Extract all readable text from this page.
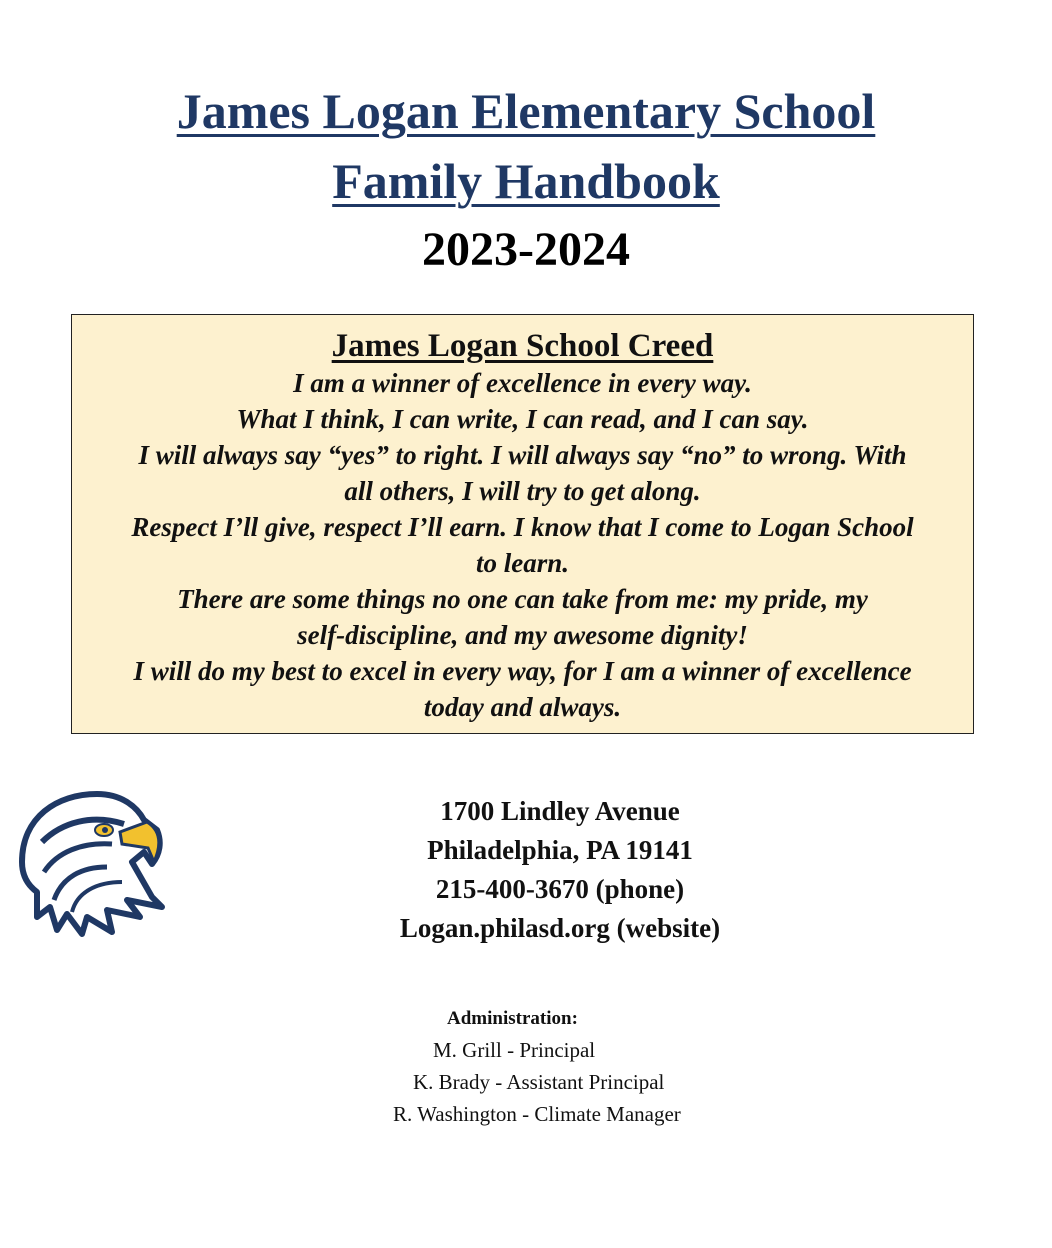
James Logan Elementary School
Family Handbook
2023-2024
James Logan School Creed

I am a winner of excellence in every way.

What I think, I can write, I can read, and I can say.

I will always say “yes” to right. I will always say “no” to wrong. With

all others, I will try to get along.

Respect I’ll give, respect I’ll earn. I know that I come to Logan School

to learn.

There are some things no one can take from me: my pride, my

self-discipline, and my awesome dignity!

I will do my best to excel in every way, for I am a winner of excellence

today and always.

1700 Lindley Avenue
Philadelphia, PA 19141
215-400-3670 (phone)
Logan.philasd.org (website)
Administration:
M. Grill - Principal
K. Brady - Assistant Principal
R. Washington - Climate Manager
